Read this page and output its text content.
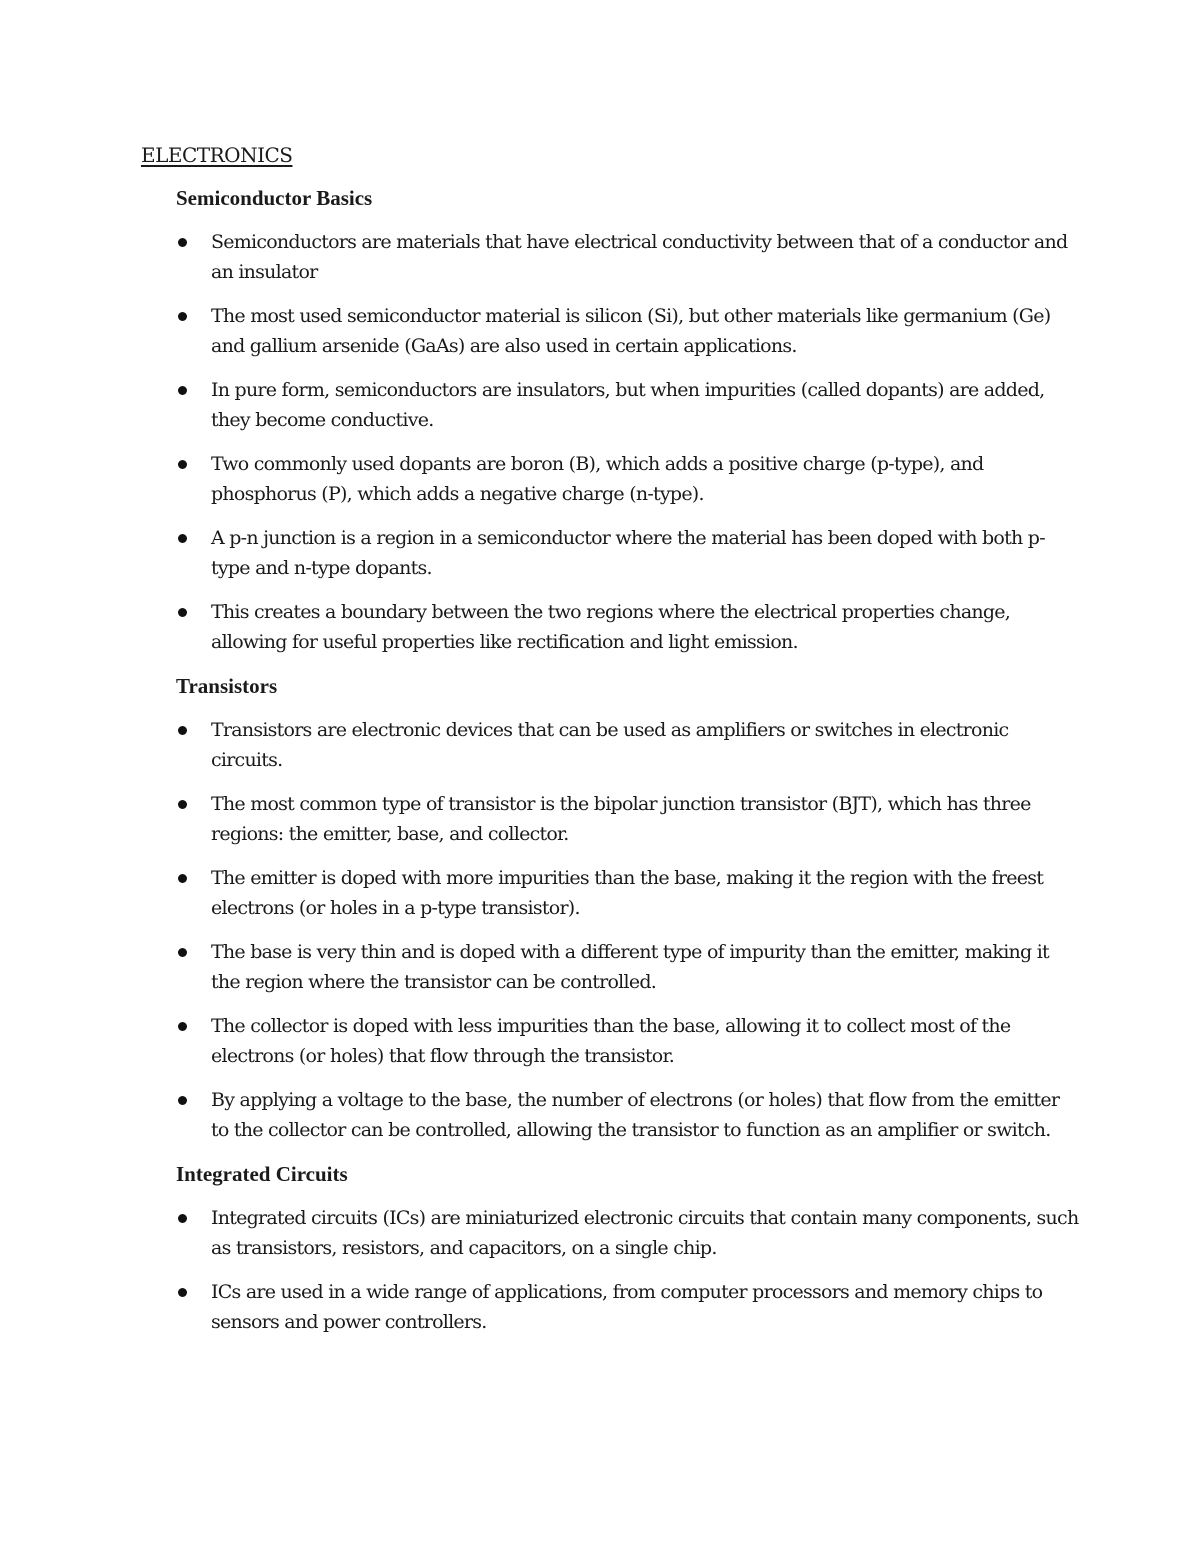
ELECTRONICS
Semiconductor Basics
Semiconductors are materials that have electrical conductivity between that of a conductor and an insulator
The most used semiconductor material is silicon (Si), but other materials like germanium (Ge) and gallium arsenide (GaAs) are also used in certain applications.
In pure form, semiconductors are insulators, but when impurities (called dopants) are added, they become conductive.
Two commonly used dopants are boron (B), which adds a positive charge (p-type), and phosphorus (P), which adds a negative charge (n-type).
A p-n junction is a region in a semiconductor where the material has been doped with both p-type and n-type dopants.
This creates a boundary between the two regions where the electrical properties change, allowing for useful properties like rectification and light emission.
Transistors
Transistors are electronic devices that can be used as amplifiers or switches in electronic circuits.
The most common type of transistor is the bipolar junction transistor (BJT), which has three regions: the emitter, base, and collector.
The emitter is doped with more impurities than the base, making it the region with the freest electrons (or holes in a p-type transistor).
The base is very thin and is doped with a different type of impurity than the emitter, making it the region where the transistor can be controlled.
The collector is doped with less impurities than the base, allowing it to collect most of the electrons (or holes) that flow through the transistor.
By applying a voltage to the base, the number of electrons (or holes) that flow from the emitter to the collector can be controlled, allowing the transistor to function as an amplifier or switch.
Integrated Circuits
Integrated circuits (ICs) are miniaturized electronic circuits that contain many components, such as transistors, resistors, and capacitors, on a single chip.
ICs are used in a wide range of applications, from computer processors and memory chips to sensors and power controllers.
